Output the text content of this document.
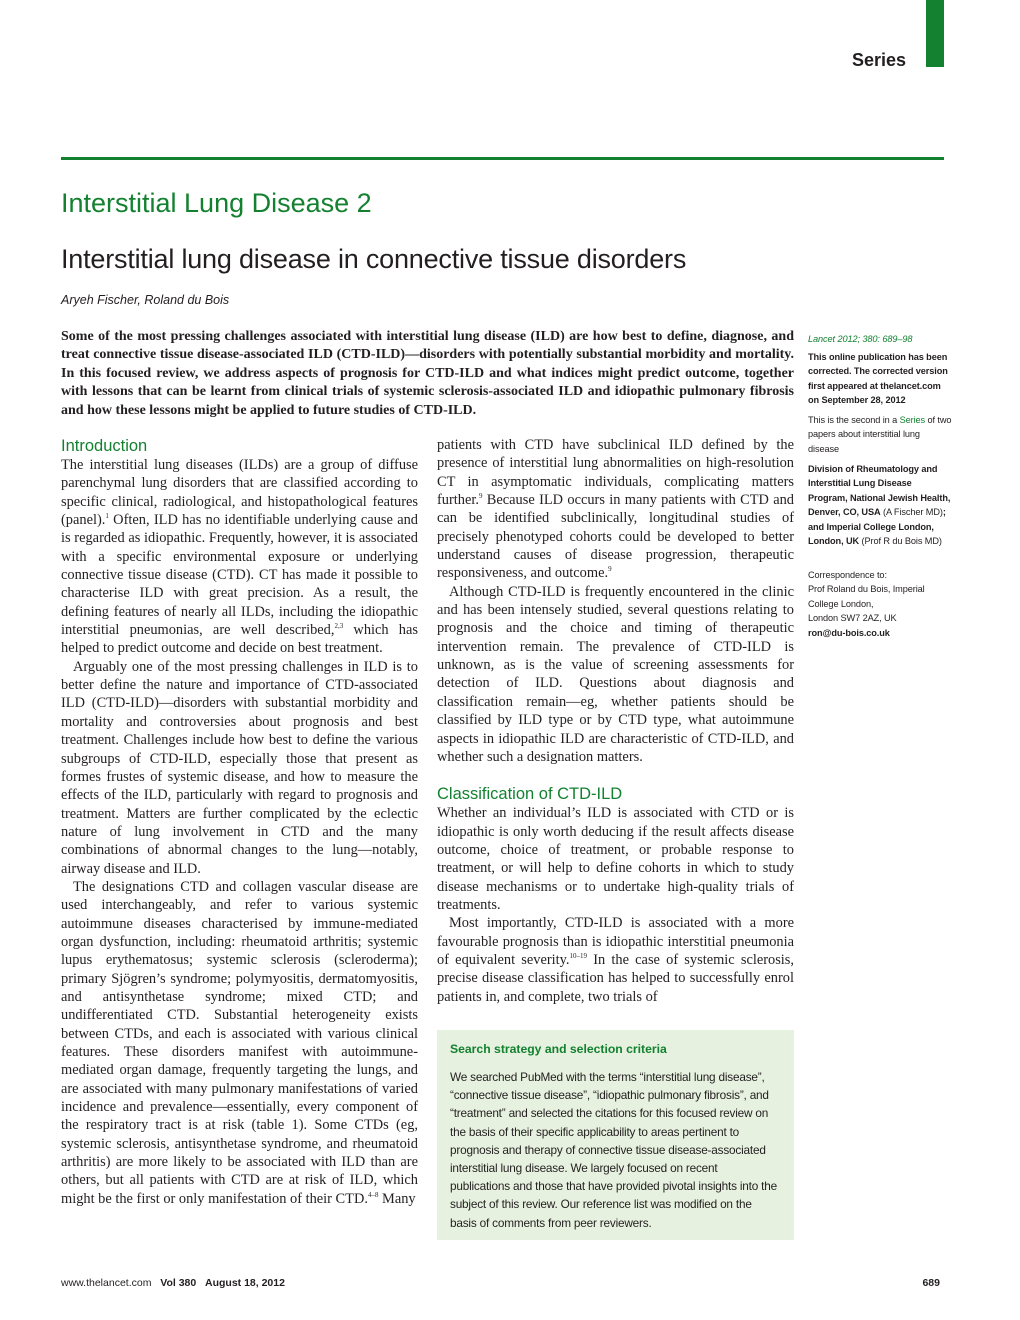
Series
Interstitial Lung Disease 2
Interstitial lung disease in connective tissue disorders
Aryeh Fischer, Roland du Bois

Some of the most pressing challenges associated with interstitial lung disease (ILD) are how best to define, diagnose, and treat connective tissue disease-associated ILD (CTD-ILD)—disorders with potentially substantial morbidity and mortality. In this focused review, we address aspects of prognosis for CTD-ILD and what indices might predict outcome, together with lessons that can be learnt from clinical trials of systemic sclerosis-associated ILD and idiopathic pulmonary fibrosis and how these lessons might be applied to future studies of CTD-ILD.

Introduction

The interstitial lung diseases (ILDs) are a group of diffuse parenchymal lung disorders that are classified according to specific clinical, radiological, and histopathological features (panel).$^1$ Often, ILD has no identifiable underlying cause and is regarded as idiopathic. Frequently, however, it is associated with a specific environmental exposure or underlying connective tissue disease (CTD). CT has made it possible to characterise ILD with great precision. As a result, the defining features of nearly all ILDs, including the idiopathic interstitial pneumonias, are well described,$^{2,3}$ which has helped to predict outcome and decide on best treatment.

Arguably one of the most pressing challenges in ILD is to better define the nature and importance of CTD-associated ILD (CTD-ILD)—disorders with substantial morbidity and mortality and controversies about prognosis and best treatment. Challenges include how best to define the various subgroups of CTD-ILD, especially those that present as formes frustes of systemic disease, and how to measure the effects of the ILD, particularly with regard to prognosis and treatment. Matters are further complicated by the eclectic nature of lung involvement in CTD and the many combinations of abnormal changes to the lung—notably, airway disease and ILD.

The designations CTD and collagen vascular disease are used interchangeably, and refer to various systemic autoimmune diseases characterised by immune-mediated organ dysfunction, including: rheumatoid arthritis; systemic lupus erythematosus; systemic sclerosis (scleroderma); primary Sjögren’s syndrome; polymyositis, dermatomyositis, and antisynthetase syndrome; mixed CTD; and undifferentiated CTD. Substantial heterogeneity exists between CTDs, and each is associated with various clinical features. These disorders manifest with autoimmune-mediated organ damage, frequently targeting the lungs, and are associated with many pulmonary manifestations of varied incidence and prevalence—essentially, every component of the respiratory tract is at risk (table 1). Some CTDs (eg, systemic sclerosis, antisynthetase syndrome, and rheumatoid arthritis) are more likely to be associated with ILD than are others, but all patients with CTD are at risk of ILD, which might be the first or only manifestation of their CTD.$^{4-8}$ Many

patients with CTD have subclinical ILD defined by the presence of interstitial lung abnormalities on high-resolution CT in asymptomatic individuals, complicating matters further.$^9$ Because ILD occurs in many patients with CTD and can be identified subclinically, longitudinal studies of precisely phenotyped cohorts could be developed to better understand causes of disease progression, therapeutic responsiveness, and outcome.$^9$

Although CTD-ILD is frequently encountered in the clinic and has been intensely studied, several questions relating to prognosis and the choice and timing of therapeutic intervention remain. The prevalence of CTD-ILD is unknown, as is the value of screening assessments for detection of ILD. Questions about diagnosis and classification remain—eg, whether patients should be classified by ILD type or by CTD type, what autoimmune aspects in idiopathic ILD are characteristic of CTD-ILD, and whether such a designation matters.

Classification of CTD-ILD

Whether an individual’s ILD is associated with CTD or is idiopathic is only worth deducing if the result affects disease outcome, choice of treatment, or probable response to treatment, or will help to define cohorts in which to study disease mechanisms or to undertake high-quality trials of treatments.

Most importantly, CTD-ILD is associated with a more favourable prognosis than is idiopathic interstitial pneumonia of equivalent severity.$^{10-19}$ In the case of systemic sclerosis, precise disease classification has helped to successfully enrol patients in, and complete, two trials of

Search strategy and selection criteria

We searched PubMed with the terms “interstitial lung disease”, “connective tissue disease”, “idiopathic pulmonary fibrosis”, and “treatment” and selected the citations for this focused review on the basis of their specific applicability to areas pertinent to prognosis and therapy of connective tissue disease-associated interstitial lung disease. We largely focused on recent publications and those that have provided pivotal insights into the subject of this review. Our reference list was modified on the basis of comments from peer reviewers.

Lancet 2012; 380: 689–98

This online publication has been corrected. The corrected version first appeared at thelancet.com on September 28, 2012

This is the second in a Series of two papers about interstitial lung disease

Division of Rheumatology and Interstitial Lung Disease Program, National Jewish Health, Denver, CO, USA (A Fischer MD); and Imperial College London, London, UK (Prof R du Bois MD)

Correspondence to:

Prof Roland du Bois, Imperial College London,

London SW7 2AZ, UK

ron@du-bois.co.uk

www.thelancet.com Vol 380 August 18, 2012	689
